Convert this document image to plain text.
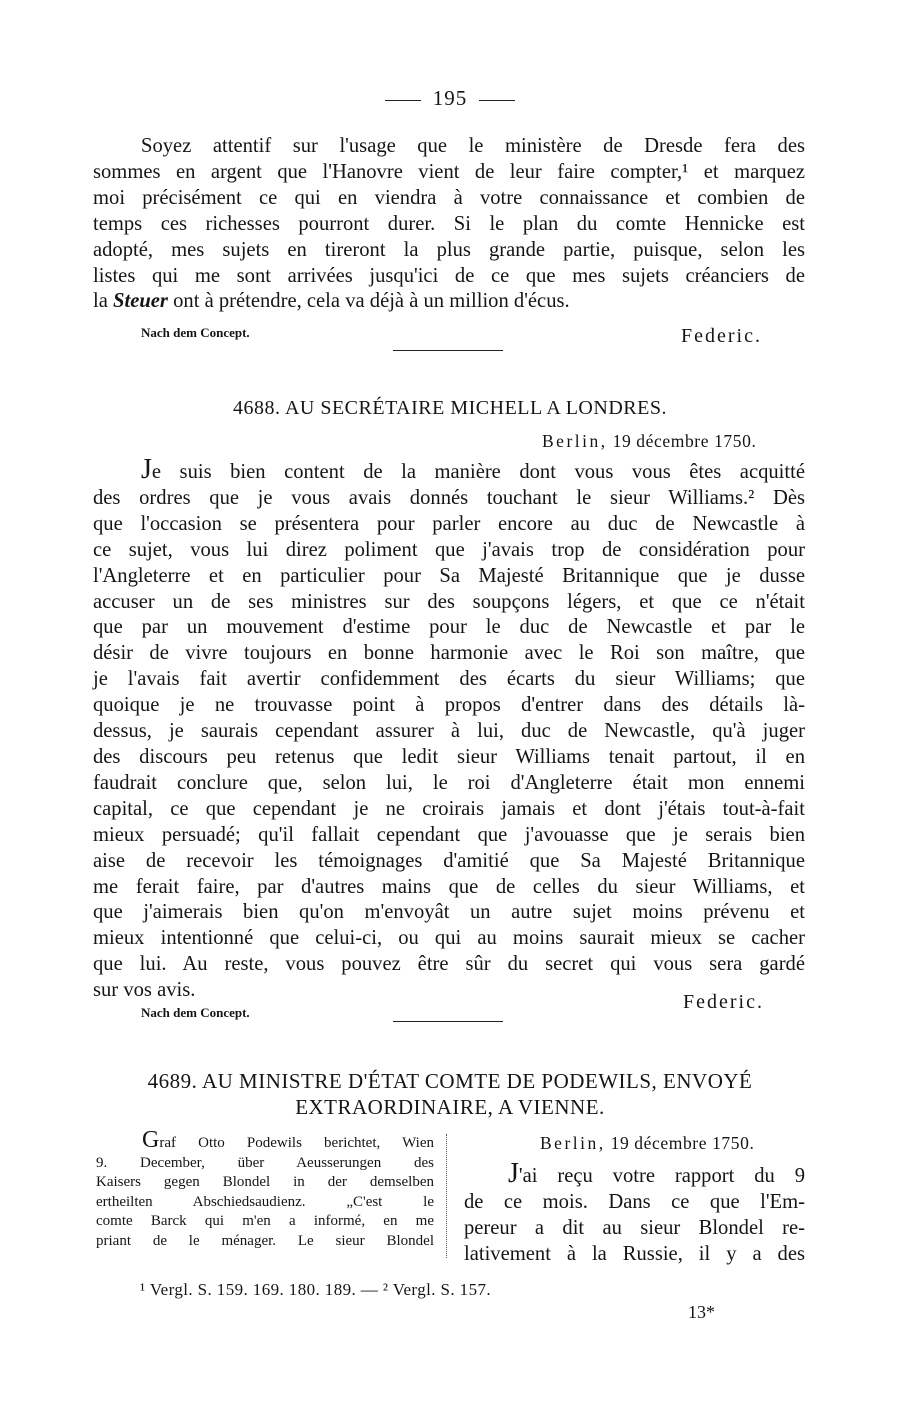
195
Soyez attentif sur l'usage que le ministère de Dresde fera des
sommes en argent que l'Hanovre vient de leur faire compter,¹ et marquez
moi précisément ce qui en viendra à votre connaissance et combien de
temps ces richesses pourront durer. Si le plan du comte Hennicke est
adopté, mes sujets en tireront la plus grande partie, puisque, selon les
listes qui me sont arrivées jusqu'ici de ce que mes sujets créanciers de
la Steuer ont à prétendre, cela va déjà à un million d'écus.
Nach dem Concept.	Federic.
4688. AU SECRÉTAIRE MICHELL A LONDRES.
Berlin, 19 décembre 1750.
Je suis bien content de la manière dont vous vous êtes acquitté
des ordres que je vous avais donnés touchant le sieur Williams.² Dès
que l'occasion se présentera pour parler encore au duc de Newcastle à
ce sujet, vous lui direz poliment que j'avais trop de considération pour
l'Angleterre et en particulier pour Sa Majesté Britannique que je dusse
accuser un de ses ministres sur des soupçons légers, et que ce n'était
que par un mouvement d'estime pour le duc de Newcastle et par le
désir de vivre toujours en bonne harmonie avec le Roi son maître, que
je l'avais fait avertir confidemment des écarts du sieur Williams; que
quoique je ne trouvasse point à propos d'entrer dans des détails là-
dessus, je saurais cependant assurer à lui, duc de Newcastle, qu'à juger
des discours peu retenus que ledit sieur Williams tenait partout, il en
faudrait conclure que, selon lui, le roi d'Angleterre était mon ennemi
capital, ce que cependant je ne croirais jamais et dont j'étais tout-à-fait
mieux persuadé; qu'il fallait cependant que j'avouasse que je serais bien
aise de recevoir les témoignages d'amitié que Sa Majesté Britannique
me ferait faire, par d'autres mains que de celles du sieur Williams, et
que j'aimerais bien qu'on m'envoyât un autre sujet moins prévenu et
mieux intentionné que celui-ci, ou qui au moins saurait mieux se cacher
que lui. Au reste, vous pouvez être sûr du secret qui vous sera gardé
sur vos avis.
Federic.
Nach dem Concept.
4689. AU MINISTRE D'ÉTAT COMTE DE PODEWILS, ENVOYÉ
EXTRAORDINAIRE, A VIENNE.
Graf Otto Podewils berichtet, Wien
9. December, über Aeusserungen des
Kaisers gegen Blondel in der demselben
ertheilten Abschiedsaudienz. „C'est le
comte Barck qui m'en a informé, en me
priant de le ménager. Le sieur Blondel
Berlin, 19 décembre 1750.
J'ai reçu votre rapport du 9
de ce mois. Dans ce que l'Em-
pereur a dit au sieur Blondel re-
lativement à la Russie, il y a des
¹ Vergl. S. 159. 169. 180. 189. — ² Vergl. S. 157.
13*
